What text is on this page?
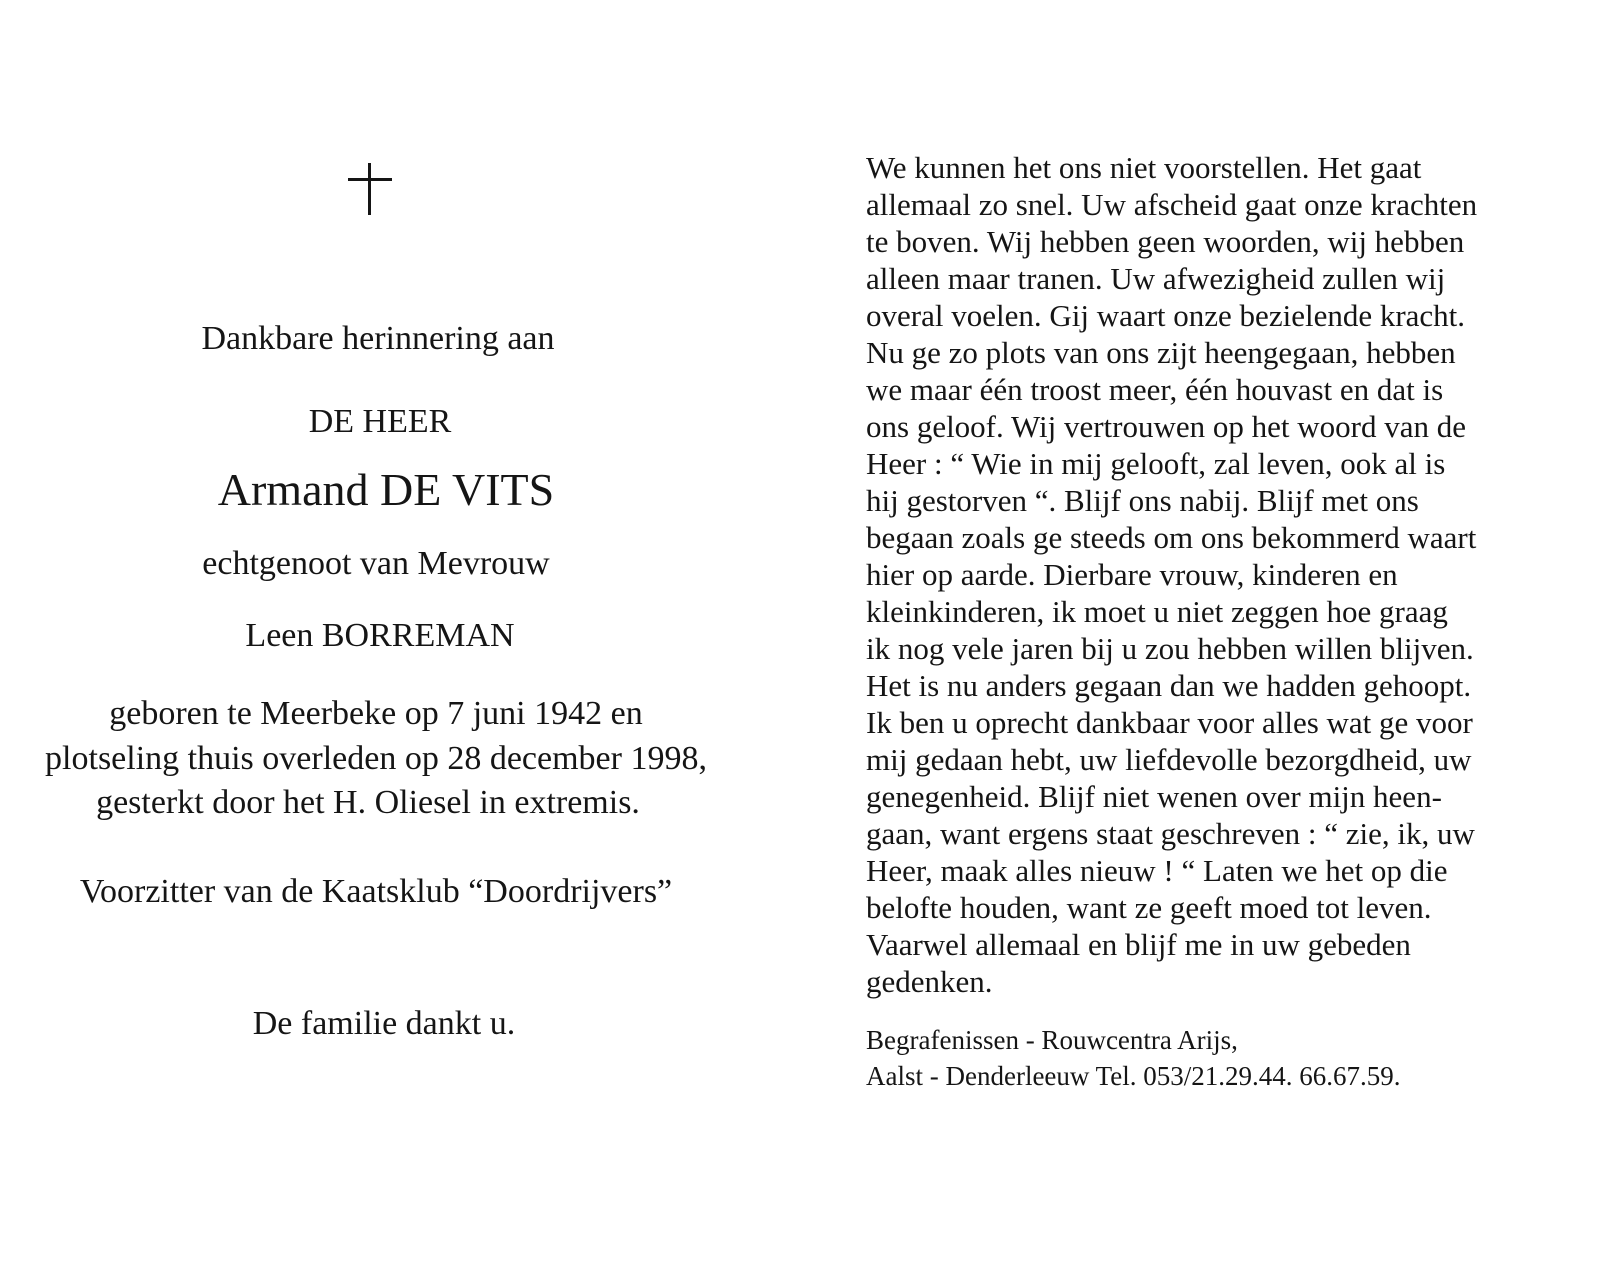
Dankbare herinnering aan
DE HEER
Armand DE VITS
echtgenoot van Mevrouw
Leen BORREMAN
geboren te Meerbeke op 7 juni 1942 en
plotseling thuis overleden op 28 december 1998,
gesterkt door het H. Oliesel in extremis.
Voorzitter van de Kaatsklub “Doordrijvers”
De familie dankt u.
We kunnen het ons niet voorstellen. Het gaat
allemaal zo snel. Uw afscheid gaat onze krachten
te boven. Wij hebben geen woorden, wij hebben
alleen maar tranen. Uw afwezigheid zullen wij
overal voelen. Gij waart onze bezielende kracht.
Nu ge zo plots van ons zijt heengegaan, hebben
we maar één troost meer, één houvast en dat is
ons geloof. Wij vertrouwen op het woord van de
Heer : “ Wie in mij gelooft, zal leven, ook al is
hij gestorven “. Blijf ons nabij. Blijf met ons
begaan zoals ge steeds om ons bekommerd waart
hier op aarde. Dierbare vrouw, kinderen en
kleinkinderen, ik moet u niet zeggen hoe graag
ik nog vele jaren bij u zou hebben willen blijven.
Het is nu anders gegaan dan we hadden gehoopt.
Ik ben u oprecht dankbaar voor alles wat ge voor
mij gedaan hebt, uw liefdevolle bezorgdheid, uw
genegenheid. Blijf niet wenen over mijn heen-
gaan, want ergens staat geschreven : “ zie, ik, uw
Heer, maak alles nieuw ! “ Laten we het op die
belofte houden, want ze geeft moed tot leven.
Vaarwel allemaal en blijf me in uw gebeden
gedenken.
Begrafenissen - Rouwcentra Arijs,
Aalst - Denderleeuw Tel. 053/21.29.44. 66.67.59.
